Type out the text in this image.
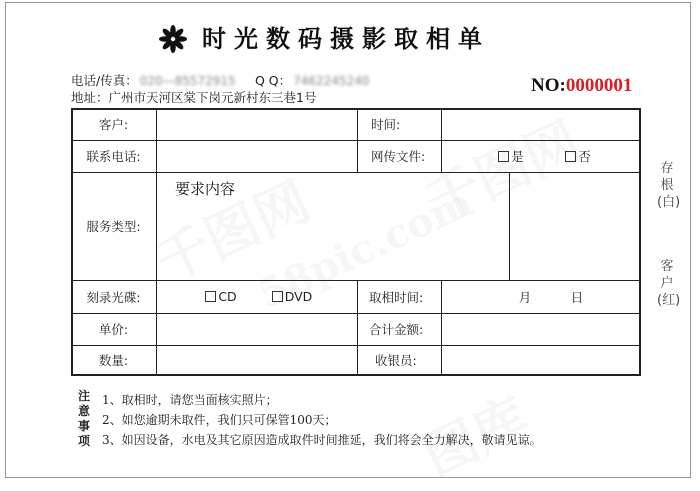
时光数码摄影取相单
电话/传真： 020—85572915 Q Q： 7462245240
地址：广州市天河区棠下岗元新村东三巷1号
NO:0000001
客户:	时间:
联系电话:	网传文件:	是	否
服务类型:
要求内容
刻录光碟:	CD	DVD	取相时间:	月	日
单价:	合计金额:
数量:	收银员:
存根(白)
客户(红)
注意事项
1、取相时，请您当面核实照片；
2、如您逾期未取件，我们只可保管100天；
3、如因设备，水电及其它原因造成取件时间推延，我们将会全力解决，敬请见谅。
